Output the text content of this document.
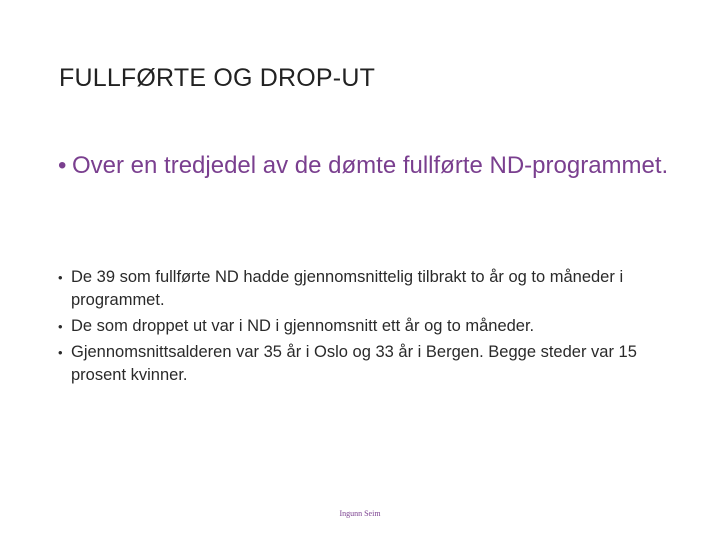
FULLFØRTE OG DROP-UT
• Over en tredjedel av de dømte fullførte ND-programmet.
• De 39 som fullførte ND hadde gjennomsnittelig tilbrakt to år og to måneder i programmet.
• De som droppet ut var i ND i gjennomsnitt ett år og to måneder.
• Gjennomsnittsalderen var 35 år i Oslo og 33 år i Bergen. Begge steder var 15 prosent kvinner.
Ingunn Seim
